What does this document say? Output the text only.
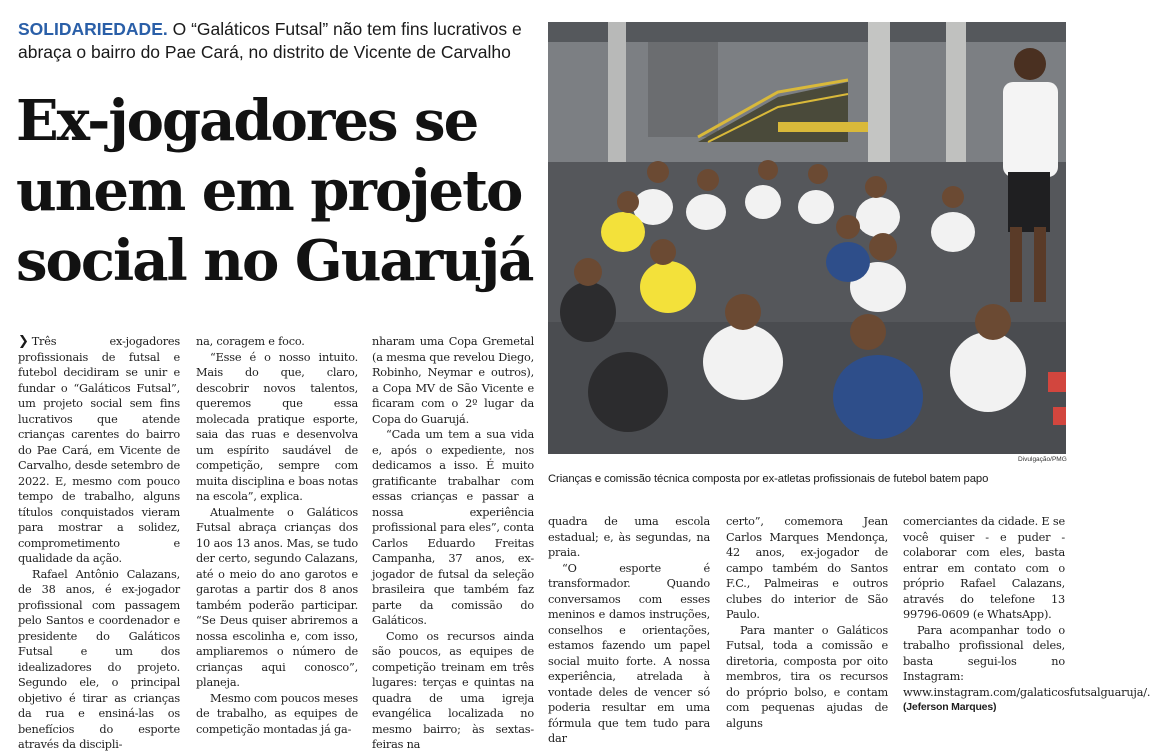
SOLIDARIEDADE. O “Galáticos Futsal” não tem fins lucrativos e abraça o bairro do Pae Cará, no distrito de Vicente de Carvalho
Ex-jogadores se
unem em projeto
social no Guarujá
Divulgação/PMG
Crianças e comissão técnica composta por ex-atletas profissionais de futebol batem papo

❯ Três ex-jogadores profissionais de futsal e futebol decidiram se unir e fundar o “Galáticos Futsal”, um projeto social sem fins lucrativos que atende crianças carentes do bairro do Pae Cará, em Vicente de Carvalho, desde setembro de 2022. E, mesmo com pouco tempo de trabalho, alguns títulos conquistados vieram para mostrar a solidez, comprometimento e qualidade da ação.

Rafael Antônio Calazans, de 38 anos, é ex-jogador profissional com passagem pelo Santos e coordenador e presidente do Galáticos Futsal e um dos idealizadores do projeto. Segundo ele, o principal objetivo é tirar as crianças da rua e ensiná-las os benefícios do esporte através da discipli-

na, coragem e foco.

“Esse é o nosso intuito. Mais do que, claro, descobrir novos talentos, queremos que essa molecada pratique esporte, saia das ruas e desenvolva um espírito saudável de competição, sempre com muita disciplina e boas notas na escola”, explica.

Atualmente o Galáticos Futsal abraça crianças dos 10 aos 13 anos. Mas, se tudo der certo, segundo Calazans, até o meio do ano garotos e garotas a partir dos 8 anos também poderão participar. “Se Deus quiser abriremos a nossa escolinha e, com isso, ampliaremos o número de crianças aqui conosco”, planeja.

Mesmo com poucos meses de trabalho, as equipes de competição montadas já ga-

nharam uma Copa Gremetal (a mesma que revelou Diego, Robinho, Neymar e outros), a Copa MV de São Vicente e ficaram com o 2º lugar da Copa do Guarujá.

“Cada um tem a sua vida e, após o expediente, nos dedicamos a isso. É muito gratificante trabalhar com essas crianças e passar a nossa experiência profissional para eles”, conta Carlos Eduardo Freitas Campanha, 37 anos, ex-jogador de futsal da seleção brasileira que também faz parte da comissão do Galáticos.

Como os recursos ainda são poucos, as equipes de competição treinam em três lugares: terças e quintas na quadra de uma igreja evangélica localizada no mesmo bairro; às sextas-feiras na

quadra de uma escola estadual; e, às segundas, na praia.

“O esporte é transformador. Quando conversamos com esses meninos e damos instruções, conselhos e orientações, estamos fazendo um papel social muito forte. A nossa experiência, atrelada à vontade deles de vencer só poderia resultar em uma fórmula que tem tudo para dar

certo”, comemora Jean Carlos Marques Mendonça, 42 anos, ex-jogador de campo também do Santos F.C., Palmeiras e outros clubes do interior de São Paulo.

Para manter o Galáticos Futsal, toda a comissão e diretoria, composta por oito membros, tira os recursos do próprio bolso, e contam com pequenas ajudas de alguns

comerciantes da cidade. E se você quiser - e puder - colaborar com eles, basta entrar em contato com o próprio Rafael Calazans, através do telefone 13 99796-0609 (e WhatsApp).

Para acompanhar todo o trabalho profissional deles, basta segui-los no Instagram: www.instagram.com/galaticosfutsalguaruja/.

(Jeferson Marques)
